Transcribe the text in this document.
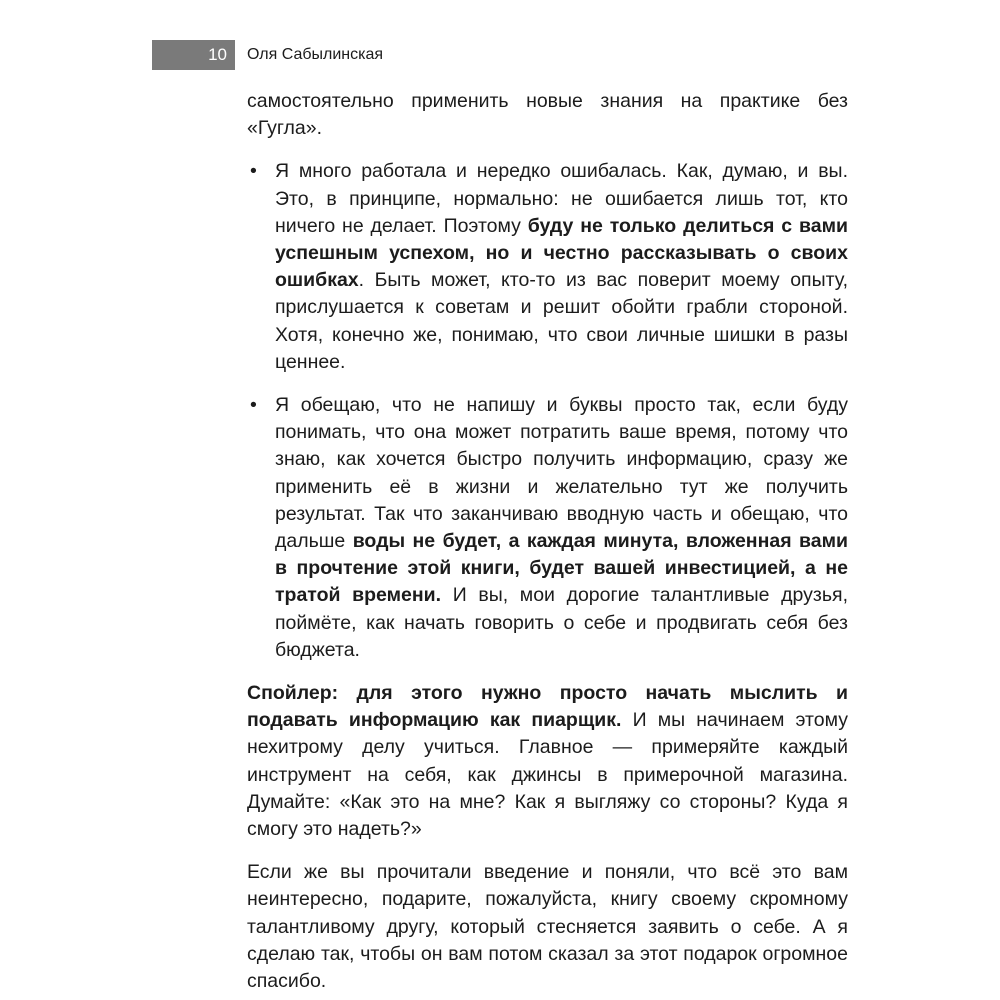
10 Оля Сабылинская

самостоятельно применить новые знания на практике без «Гугла».

• Я много работала и нередко ошибалась. Как, думаю, и вы. Это, в принципе, нормально: не ошибается лишь тот, кто ничего не делает. Поэтому буду не только делиться с вами успешным успехом, но и честно рассказывать о своих ошибках. Быть может, кто-то из вас поверит моему опыту, прислушается к советам и решит обойти грабли стороной. Хотя, конечно же, понимаю, что свои личные шишки в разы ценнее.

• Я обещаю, что не напишу и буквы просто так, если буду понимать, что она может потратить ваше время, потому что знаю, как хочется быстро получить информацию, сразу же применить её в жизни и желательно тут же получить результат. Так что заканчиваю вводную часть и обещаю, что дальше воды не будет, а каждая минута, вложенная вами в прочтение этой книги, будет вашей инвестицией, а не тратой времени. И вы, мои дорогие талантливые друзья, поймёте, как начать говорить о себе и продвигать себя без бюджета.

Спойлер: для этого нужно просто начать мыслить и подавать информацию как пиарщик. И мы начинаем этому нехитрому делу учиться. Главное — примеряйте каждый инструмент на себя, как джинсы в примерочной магазина. Думайте: «Как это на мне? Как я выгляжу со стороны? Куда я смогу это надеть?»

Если же вы прочитали введение и поняли, что всё это вам неинтересно, подарите, пожалуйста, книгу своему скромному талантливому другу, который стесняется заявить о себе. А я сделаю так, чтобы он вам потом сказал за этот подарок огромное спасибо.
